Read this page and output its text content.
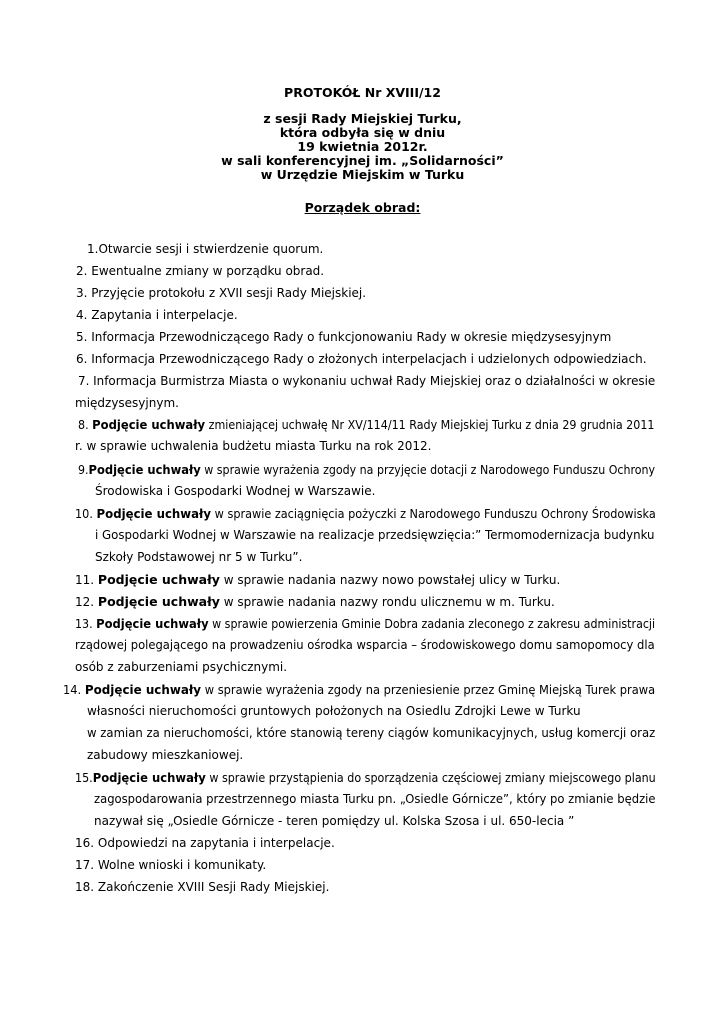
PROTOKÓŁ Nr XVIII/12
z sesji Rady Miejskiej Turku,
która odbyła się w dniu
19 kwietnia 2012r.
w sali konferencyjnej im. „Solidarności”
w Urzędzie Miejskim w Turku
Porządek obrad:
1.Otwarcie sesji i stwierdzenie quorum.
2. Ewentualne zmiany w porządku obrad.
3. Przyjęcie protokołu z XVII sesji Rady Miejskiej.
4. Zapytania i interpelacje.
5. Informacja Przewodniczącego Rady o funkcjonowaniu Rady w okresie międzysesyjnym
6. Informacja Przewodniczącego Rady o złożonych interpelacjach i udzielonych odpowiedziach.
7. Informacja Burmistrza Miasta o wykonaniu uchwał Rady Miejskiej oraz o działalności w okresie
międzysesyjnym.
8. Podjęcie uchwały zmieniającej uchwałę Nr XV/114/11 Rady Miejskiej Turku z dnia 29 grudnia 2011
r. w sprawie uchwalenia budżetu miasta Turku na rok 2012.
9.Podjęcie uchwały w sprawie wyrażenia zgody na przyjęcie dotacji z Narodowego Funduszu Ochrony
Środowiska i Gospodarki Wodnej w Warszawie.
10. Podjęcie uchwały w sprawie zaciągnięcia pożyczki z Narodowego Funduszu Ochrony Środowiska
i Gospodarki Wodnej w Warszawie na realizacje przedsięwzięcia:” Termomodernizacja budynku
Szkoły Podstawowej nr 5 w Turku”.
11. Podjęcie uchwały w sprawie nadania nazwy nowo powstałej ulicy w Turku.
12. Podjęcie uchwały w sprawie nadania nazwy rondu ulicznemu w m. Turku.
13. Podjęcie uchwały w sprawie powierzenia Gminie Dobra zadania zleconego z zakresu administracji
rządowej polegającego na prowadzeniu ośrodka wsparcia – środowiskowego domu samopomocy dla
osób z zaburzeniami psychicznymi.
14. Podjęcie uchwały w sprawie wyrażenia zgody na przeniesienie przez Gminę Miejską Turek prawa
własności nieruchomości gruntowych położonych na Osiedlu Zdrojki Lewe w Turku
w zamian za nieruchomości, które stanowią tereny ciągów komunikacyjnych, usług komercji oraz
zabudowy mieszkaniowej.
15.Podjęcie uchwały w sprawie przystąpienia do sporządzenia częściowej zmiany miejscowego planu
zagospodarowania przestrzennego miasta Turku pn. „Osiedle Górnicze”, który po zmianie będzie
nazywał się „Osiedle Górnicze - teren pomiędzy ul. Kolska Szosa i ul. 650-lecia ”
16. Odpowiedzi na zapytania i interpelacje.
17. Wolne wnioski i komunikaty.
18. Zakończenie XVIII Sesji Rady Miejskiej.
